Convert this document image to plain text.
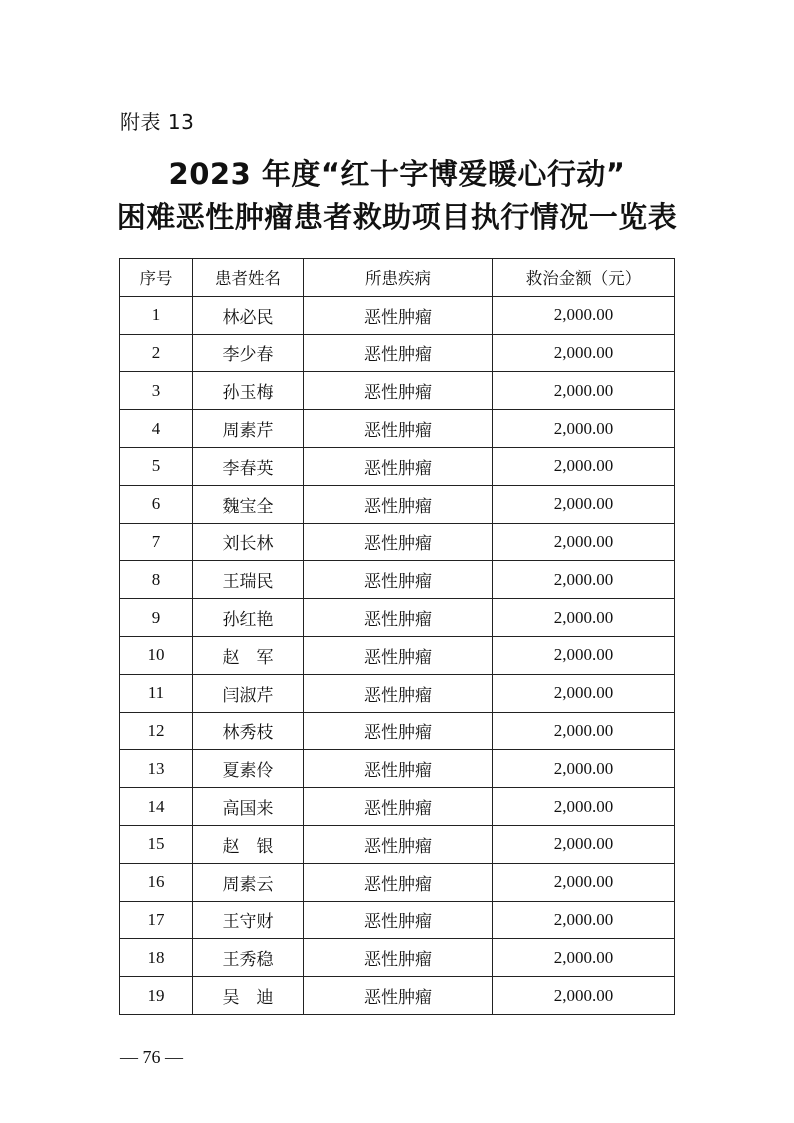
附表 13
2023 年度“红十字博爱暖心行动”
困难恶性肿瘤患者救助项目执行情况一览表
序号	患者姓名	所患疾病	救治金额（元）
1	林必民	恶性肿瘤	2,000.00
2	李少春	恶性肿瘤	2,000.00
3	孙玉梅	恶性肿瘤	2,000.00
4	周素芹	恶性肿瘤	2,000.00
5	李春英	恶性肿瘤	2,000.00
6	魏宝全	恶性肿瘤	2,000.00
7	刘长林	恶性肿瘤	2,000.00
8	王瑞民	恶性肿瘤	2,000.00
9	孙红艳	恶性肿瘤	2,000.00
10	赵　军	恶性肿瘤	2,000.00
11	闫淑芹	恶性肿瘤	2,000.00
12	林秀枝	恶性肿瘤	2,000.00
13	夏素伶	恶性肿瘤	2,000.00
14	高国来	恶性肿瘤	2,000.00
15	赵　银	恶性肿瘤	2,000.00
16	周素云	恶性肿瘤	2,000.00
17	王守财	恶性肿瘤	2,000.00
18	王秀稳	恶性肿瘤	2,000.00
19	吴　迪	恶性肿瘤	2,000.00
— 76 —
